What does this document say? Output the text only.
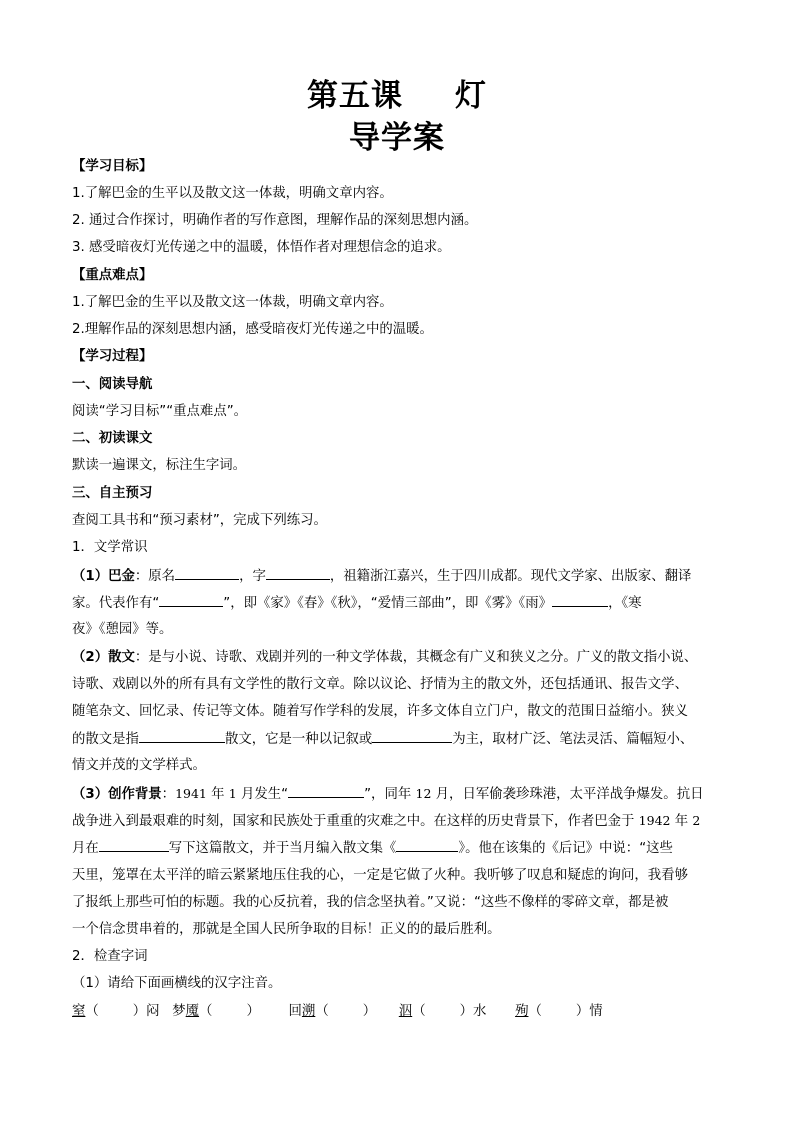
第五课 灯
导学案
【学习目标】
1.了解巴金的生平以及散文这一体裁，明确文章内容。
2. 通过合作探讨，明确作者的写作意图，理解作品的深刻思想内涵。
3. 感受暗夜灯光传递之中的温暖，体悟作者对理想信念的追求。
【重点难点】
1.了解巴金的生平以及散文这一体裁，明确文章内容。
2.理解作品的深刻思想内涵，感受暗夜灯光传递之中的温暖。
【学习过程】
一、阅读导航
阅读“学习目标”“重点难点”。
二、初读课文
默读一遍课文，标注生字词。
三、自主预习
查阅工具书和“预习素材”，完成下列练习。
1．文学常识
（1）巴金：原名	，字	，祖籍浙江嘉兴，生于四川成都。现代文学家、出版家、翻译
家。代表作有“	”，即《家》《春》《秋》，“爱情三部曲”，即《雾》《雨》	，《寒
夜》《憩园》等。
（2）散文：是与小说、诗歌、戏剧并列的一种文学体裁，其概念有广义和狭义之分。广义的散文指小说、
诗歌、戏剧以外的所有具有文学性的散行文章。除以议论、抒情为主的散文外，还包括通讯、报告文学、
随笔杂文、回忆录、传记等文体。随着写作学科的发展，许多文体自立门户，散文的范围日益缩小。狭义
的散文是指	散文，它是一种以记叙或	为主，取材广泛、笔法灵活、篇幅短小、
情文并茂的文学样式。
（3）创作背景：1941 年 1 月发生“	”，同年 12 月，日军偷袭珍珠港，太平洋战争爆发。抗日
战争进入到最艰难的时刻，国家和民族处于重重的灾难之中。在这样的历史背景下，作者巴金于 1942 年 2
月在	写下这篇散文，并于当月编入散文集《	》。他在该集的《后记》中说：“这些
天里，笼罩在太平洋的暗云紧紧地压住我的心，一定是它做了火种。我听够了叹息和疑虑的询问，我看够
了报纸上那些可怕的标题。我的心反抗着，我的信念坚执着。”又说：“这些不像样的零碎文章，都是被
一个信念贯串着的，那就是全国人民所争取的目标！正义的的最后胜利。
2．检查字词
（1）请给下面画横线的汉字注音。
窒（	）闷 梦魇（	） 回溯（	） 泅（	）水 殉（	）情
